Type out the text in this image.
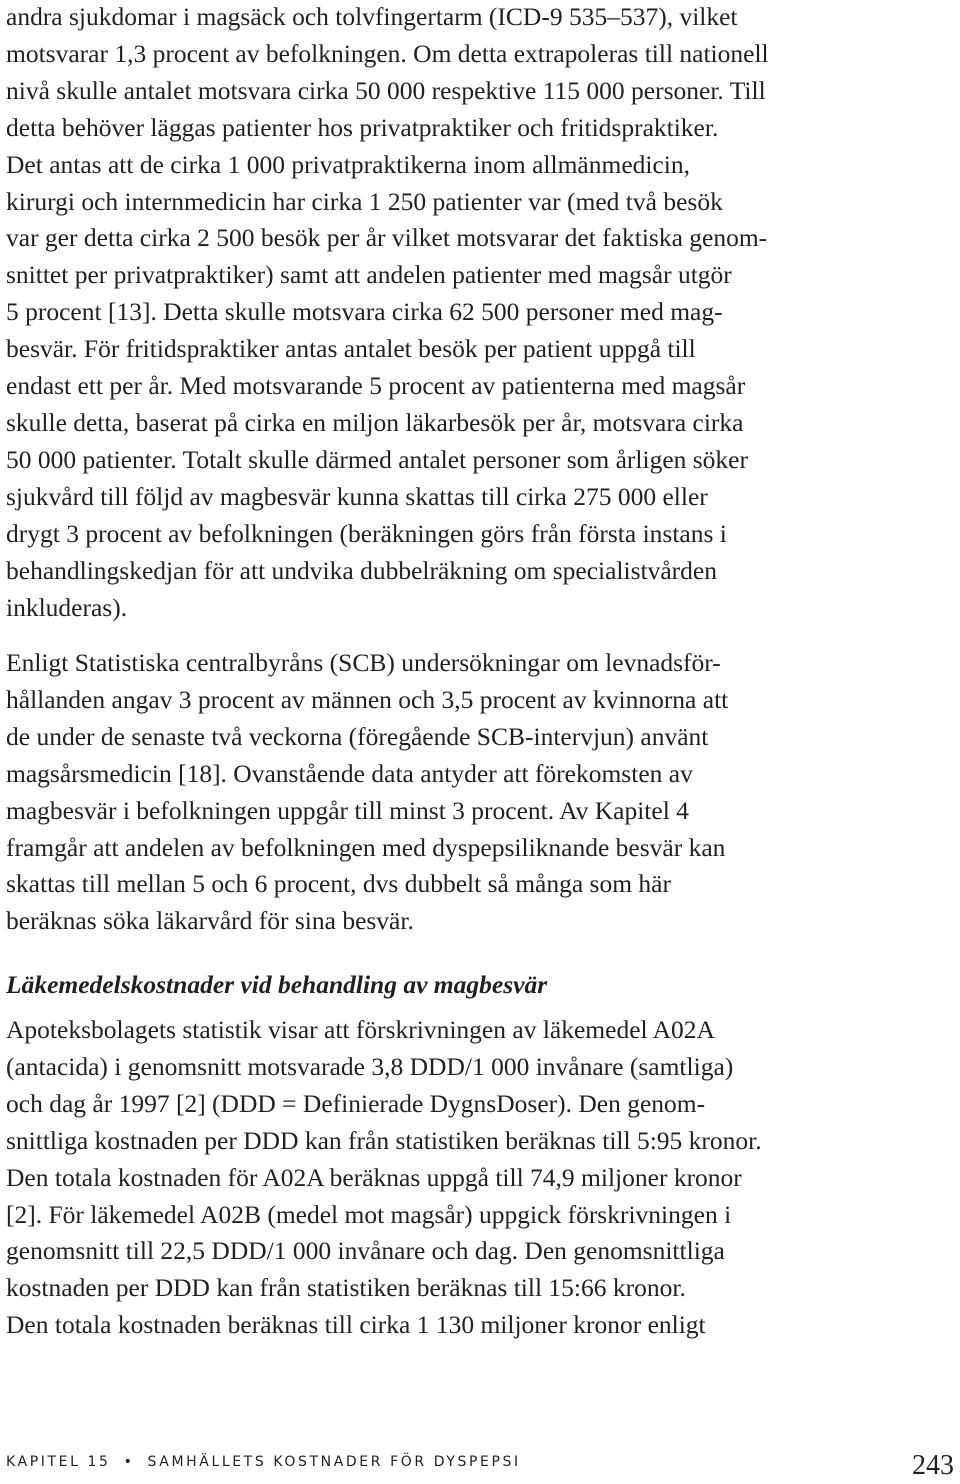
andra sjukdomar i magsäck och tolvfingertarm (ICD-9 535–537), vilket
motsvarar 1,3 procent av befolkningen. Om detta extrapoleras till nationell
nivå skulle antalet motsvara cirka 50 000 respektive 115 000 personer. Till
detta behöver läggas patienter hos privatpraktiker och fritidspraktiker.
Det antas att de cirka 1 000 privatpraktikerna inom allmänmedicin,
kirurgi och internmedicin har cirka 1 250 patienter var (med två besök
var ger detta cirka 2 500 besök per år vilket motsvarar det faktiska genom-
snittet per privatpraktiker) samt att andelen patienter med magsår utgör
5 procent [13]. Detta skulle motsvara cirka 62 500 personer med mag-
besvär. För fritidspraktiker antas antalet besök per patient uppgå till
endast ett per år. Med motsvarande 5 procent av patienterna med magsår
skulle detta, baserat på cirka en miljon läkarbesök per år, motsvara cirka
50 000 patienter. Totalt skulle därmed antalet personer som årligen söker
sjukvård till följd av magbesvär kunna skattas till cirka 275 000 eller
drygt 3 procent av befolkningen (beräkningen görs från första instans i
behandlingskedjan för att undvika dubbelräkning om specialistvården
inkluderas).

Enligt Statistiska centralbyråns (SCB) undersökningar om levnadsför-
hållanden angav 3 procent av männen och 3,5 procent av kvinnorna att
de under de senaste två veckorna (föregående SCB-intervjun) använt
magsårsmedicin [18]. Ovanstående data antyder att förekomsten av
magbesvär i befolkningen uppgår till minst 3 procent. Av Kapitel 4
framgår att andelen av befolkningen med dyspepsiliknande besvär kan
skattas till mellan 5 och 6 procent, dvs dubbelt så många som här
beräknas söka läkarvård för sina besvär.

Läkemedelskostnader vid behandling av magbesvär

Apoteksbolagets statistik visar att förskrivningen av läkemedel A02A
(antacida) i genomsnitt motsvarade 3,8 DDD/1 000 invånare (samtliga)
och dag år 1997 [2] (DDD = Definierade DygnsDoser). Den genom-
snittliga kostnaden per DDD kan från statistiken beräknas till 5:95 kronor.
Den totala kostnaden för A02A beräknas uppgå till 74,9 miljoner kronor
[2]. För läkemedel A02B (medel mot magsår) uppgick förskrivningen i
genomsnitt till 22,5 DDD/1 000 invånare och dag. Den genomsnittliga
kostnaden per DDD kan från statistiken beräknas till 15:66 kronor.
Den totala kostnaden beräknas till cirka 1 130 miljoner kronor enligt

KAPITEL 15 • SAMHÄLLETS KOSTNADER FÖR DYSPEPSI	243
